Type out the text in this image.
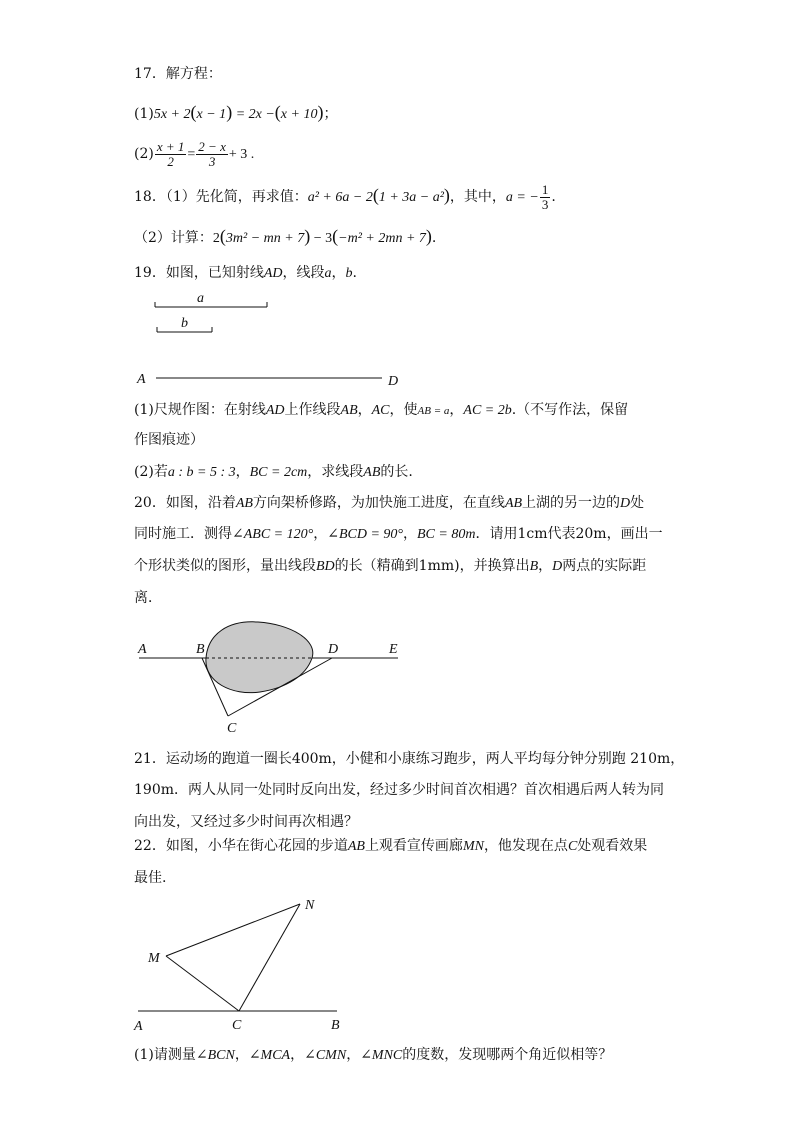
17．解方程：
(1)5x + 2(x − 1) = 2x −(x + 10)；
$(2) \frac{x + 1}{2} = \frac{2 - x}{3} + 3$ .
18．（1）先化简，再求值：a² + 6a − 2(1 + 3a − a²)，其中，a = − $\frac{1}{3}$ .
（2）计算：2(3m² − mn + 7) − 3(−m² + 2mn + 7).
19．如图，已知射线AD，线段a，b.
a
b
A	D
A	B
C
D	E
M
N
A	C	B
(1)尺规作图：在射线AD上作线段AB，AC，使AB = a，AC = 2b.（不写作法，保留
作图痕迹）
(2)若a : b = 5 : 3，BC = 2cm，求线段AB的长.
20．如图，沿着AB方向架桥修路，为加快施工进度，在直线AB上湖的另一边的D处
同时施工．测得∠ABC = 120°，∠BCD = 90°，BC = 80m．请用1cm代表20m，画出一
个形状类似的图形，量出线段BD的长（精确到1mm)，并换算出B，D两点的实际距
离．
21．运动场的跑道一圈长400m，小健和小康练习跑步，两人平均每分钟分别跑 210m，
190m．两人从同一处同时反向出发，经过多少时间首次相遇？首次相遇后两人转为同
向出发，又经过多少时间再次相遇？
22．如图，小华在街心花园的步道AB上观看宣传画廊MN，他发现在点C处观看效果
最佳.
(1)请测量∠BCN，∠MCA，∠CMN，∠MNC的度数，发现哪两个角近似相等？
